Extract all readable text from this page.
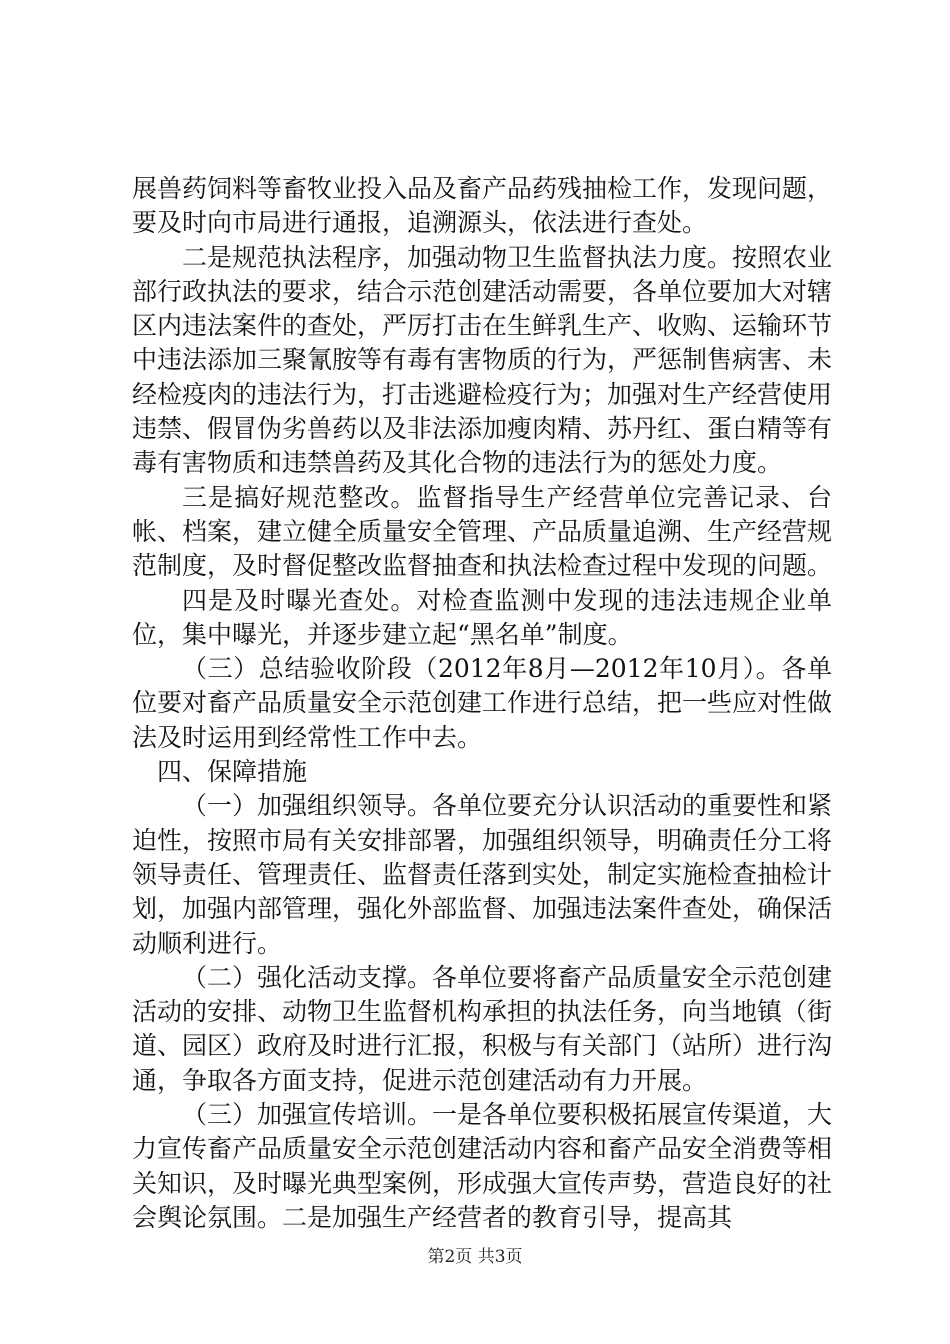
展兽药饲料等畜牧业投入品及畜产品药残抽检工作，发现问题，要及时向市局进行通报，追溯源头，依法进行查处。

二是规范执法程序，加强动物卫生监督执法力度。按照农业部行政执法的要求，结合示范创建活动需要，各单位要加大对辖区内违法案件的查处，严厉打击在生鲜乳生产、收购、运输环节中违法添加三聚氰胺等有毒有害物质的行为，严惩制售病害、未经检疫肉的违法行为，打击逃避检疫行为；加强对生产经营使用违禁、假冒伪劣兽药以及非法添加瘦肉精、苏丹红、蛋白精等有毒有害物质和违禁兽药及其化合物的违法行为的惩处力度。

三是搞好规范整改。监督指导生产经营单位完善记录、台帐、档案，建立健全质量安全管理、产品质量追溯、生产经营规范制度，及时督促整改监督抽查和执法检查过程中发现的问题。

四是及时曝光查处。对检查监测中发现的违法违规企业单位，集中曝光，并逐步建立起“黑名单”制度。

（三）总结验收阶段（2012年8月—2012年10月）。各单位要对畜产品质量安全示范创建工作进行总结，把一些应对性做法及时运用到经常性工作中去。

四、保障措施

（一）加强组织领导。各单位要充分认识活动的重要性和紧迫性，按照市局有关安排部署，加强组织领导，明确责任分工将领导责任、管理责任、监督责任落到实处，制定实施检查抽检计划，加强内部管理，强化外部监督、加强违法案件查处，确保活动顺利进行。

（二）强化活动支撑。各单位要将畜产品质量安全示范创建活动的安排、动物卫生监督机构承担的执法任务，向当地镇（街道、园区）政府及时进行汇报，积极与有关部门（站所）进行沟通，争取各方面支持，促进示范创建活动有力开展。

（三）加强宣传培训。一是各单位要积极拓展宣传渠道，大力宣传畜产品质量安全示范创建活动内容和畜产品安全消费等相关知识，及时曝光典型案例，形成强大宣传声势，营造良好的社会舆论氛围。二是加强生产经营者的教育引导，提高其

第2页 共3页
